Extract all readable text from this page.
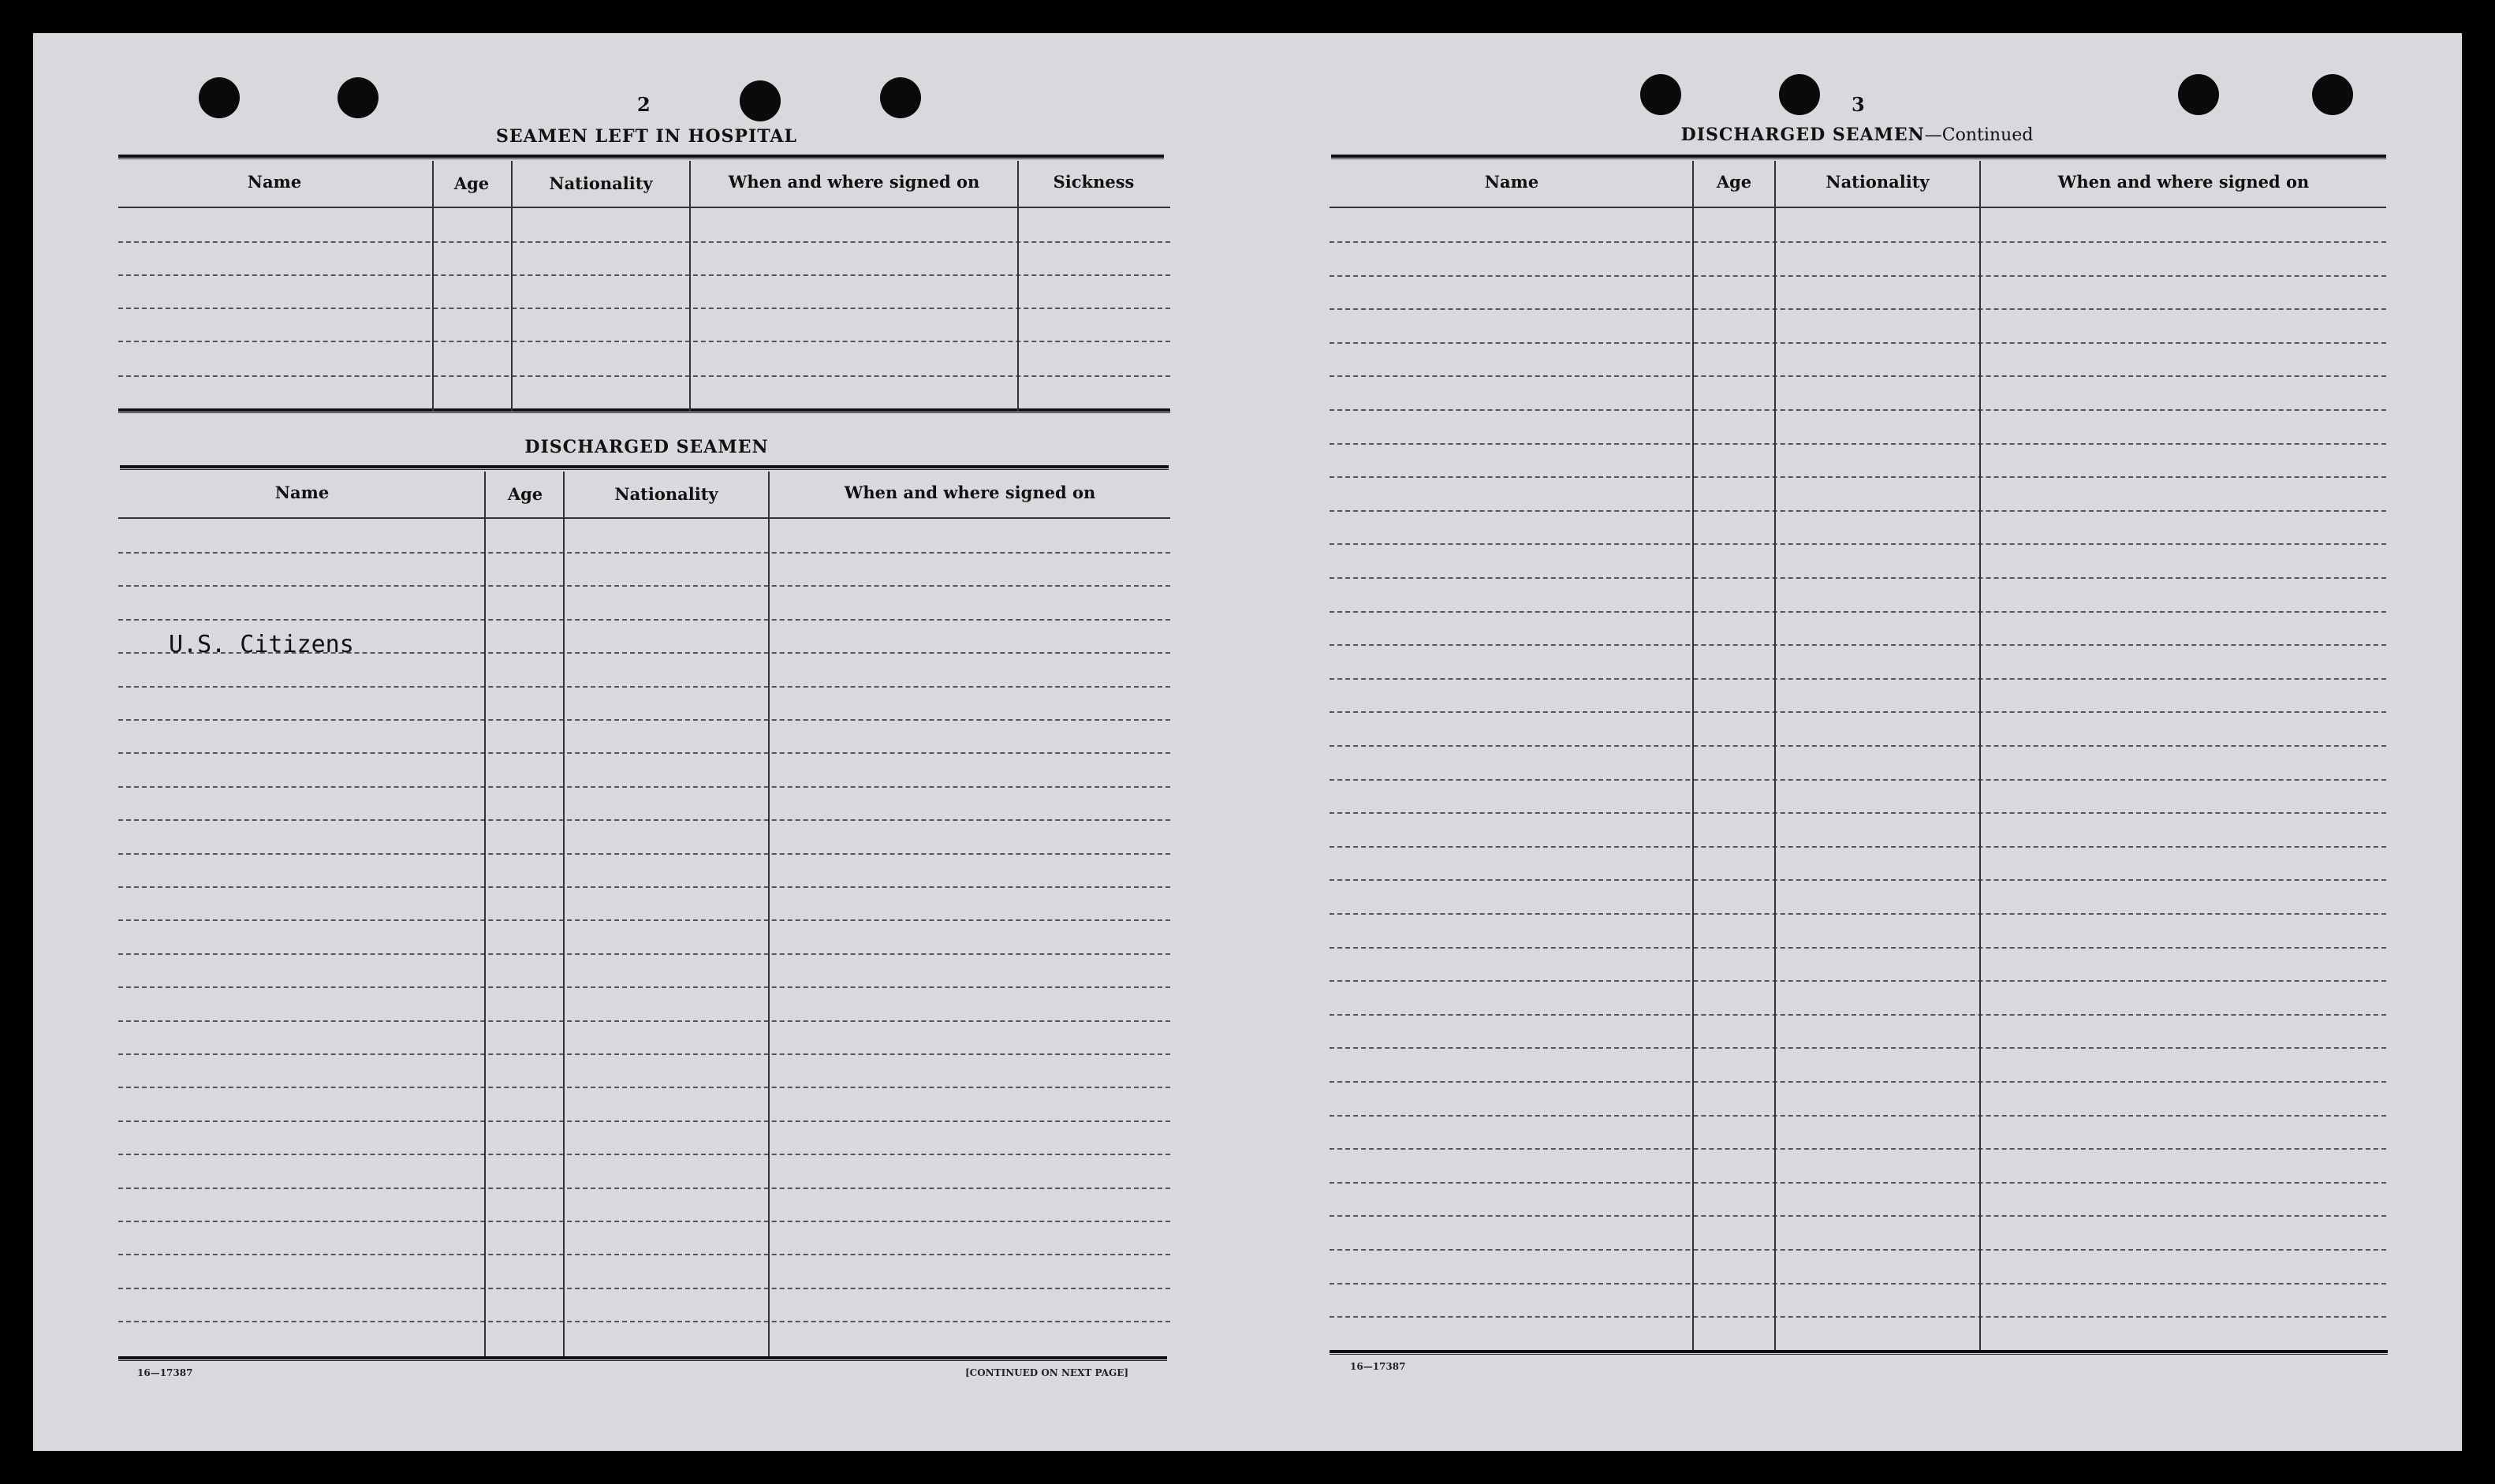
2
SEAMEN LEFT IN HOSPITAL
Name	Age	Nationality	When and where signed on	Sickness
DISCHARGED SEAMEN
Name	Age	Nationality	When and where signed on
U.S. Citizens
16—17387	[CONTINUED ON NEXT PAGE]
3
DISCHARGED SEAMEN—Continued
Name	Age	Nationality	When and where signed on
16—17387
